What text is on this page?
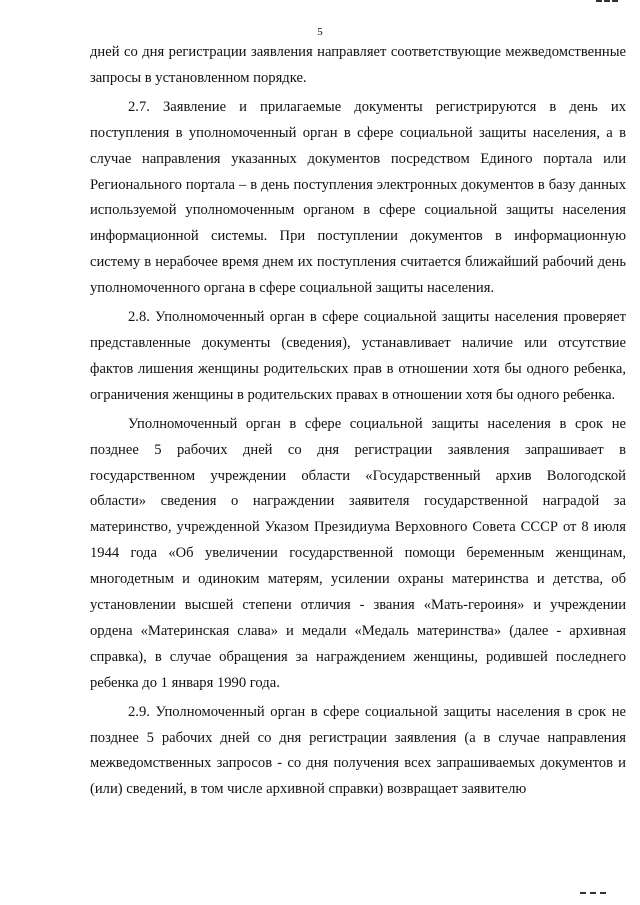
5

дней со дня регистрации заявления направляет соответствующие межведомственные запросы в установленном порядке.

2.7. Заявление и прилагаемые документы регистрируются в день их поступления в уполномоченный орган в сфере социальной защиты населения, а в случае направления указанных документов посредством Единого портала или Регионального портала – в день поступления электронных документов в базу данных используемой уполномоченным органом в сфере социальной защиты населения информационной системы. При поступлении документов в информационную систему в нерабочее время днем их поступления считается ближайший рабочий день уполномоченного органа в сфере социальной защиты населения.

2.8. Уполномоченный орган в сфере социальной защиты населения проверяет представленные документы (сведения), устанавливает наличие или отсутствие фактов лишения женщины родительских прав в отношении хотя бы одного ребенка, ограничения женщины в родительских правах в отношении хотя бы одного ребенка.

Уполномоченный орган в сфере социальной защиты населения в срок не позднее 5 рабочих дней со дня регистрации заявления запрашивает в государственном учреждении области «Государственный архив Вологодской области» сведения о награждении заявителя государственной наградой за материнство, учрежденной Указом Президиума Верховного Совета СССР от 8 июля 1944 года «Об увеличении государственной помощи беременным женщинам, многодетным и одиноким матерям, усилении охраны материнства и детства, об установлении высшей степени отличия - звания «Мать-героиня» и учреждении ордена «Материнская слава» и медали «Медаль материнства» (далее - архивная справка), в случае обращения за награждением женщины, родившей последнего ребенка до 1 января 1990 года.

2.9. Уполномоченный орган в сфере социальной защиты населения в срок не позднее 5 рабочих дней со дня регистрации заявления (а в случае направления межведомственных запросов - со дня получения всех запрашиваемых документов и (или) сведений, в том числе архивной справки) возвращает заявителю
